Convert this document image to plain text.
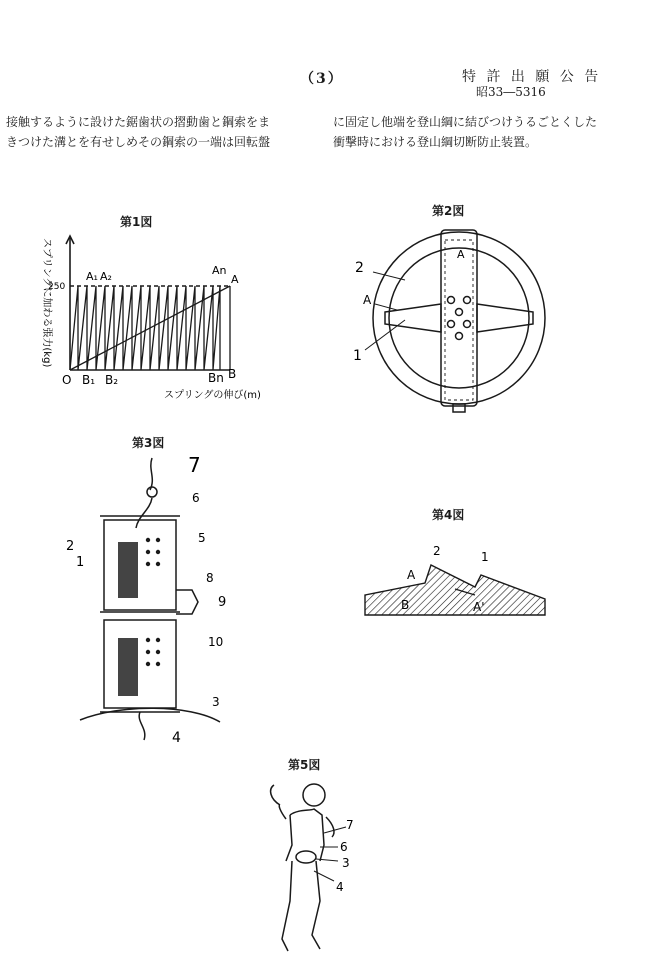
（3）	特 許 出 願 公 告
昭33―5316
接触するように設けた鋸歯状の摺動歯と鋼索をま
きつけた溝とを有せしめその鋼索の一端は回転盤
に固定し他端を登山綱に結びつけうるごとくした
衝撃時における登山綱切断防止装置。
第1図
250
A₁ A₂	An
A
O B₁ B₂	Bn B
スプリングの伸び(m)
スプリングに加わる張力(kg)
第2図
2
A
1
A
第3図
7
6
5
2
1
8
9
10
3
4
第4図
A
2	1
B	A'
第5図
7
6
3
4
